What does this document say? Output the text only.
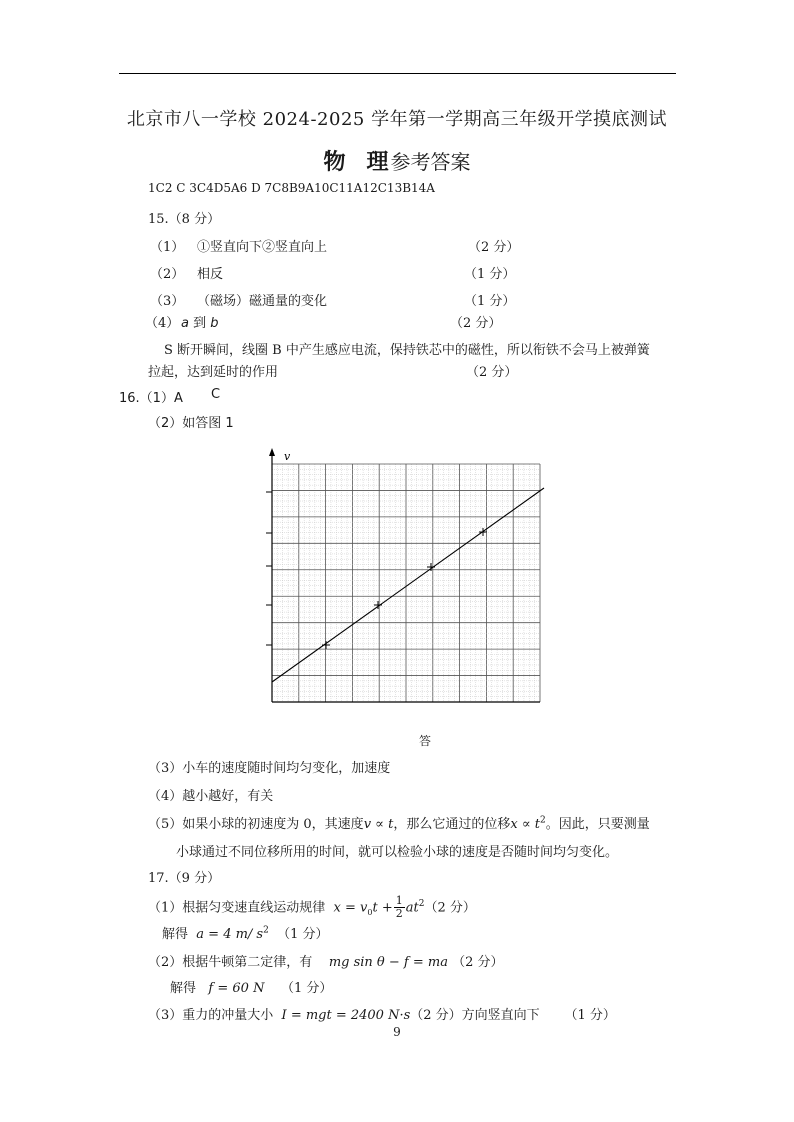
北京市八一学校 2024-2025 学年第一学期高三年级开学摸底测试
物 理参考答案
1C2 C 3C4D5A6 D 7C8B9A10C11A12C13B14A
15.（8 分）
（1） ①竖直向下②竖直向上	（2 分）
（2） 相反	（1 分）
（3） （磁场）磁通量的变化	（1 分）
（4） a 到 b	（2 分）
S 断开瞬间，线圈 B 中产生感应电流，保持铁芯中的磁性，所以衔铁不会马上被弹簧
拉起，达到延时的作用	（2 分）
16.（1）A C
（2）如答图 1
v
答
（3）小车的速度随时间均匀变化，加速度
（4）越小越好，有关
（5）如果小球的初速度为 0，其速度v ∝ t，那么它通过的位移$x \propto t^2$。因此，只要测量
小球通过不同位移所用的时间，就可以检验小球的速度是否随时间均匀变化。
17.（9 分）
（1）根据匀变速直线运动规律 $x = v_0t + \frac{1}{2} at^2(2$ 分）
解得 a = 4 m/ $s^2$ （1 分）
（2）根据牛顿第二定律，有 mg sin θ − f = ma （2 分）
解得 f = 60 N （1 分）
（3）重力的冲量大小 I = mgt = 2400 N·s（2 分）方向竖直向下 （1 分）
9
